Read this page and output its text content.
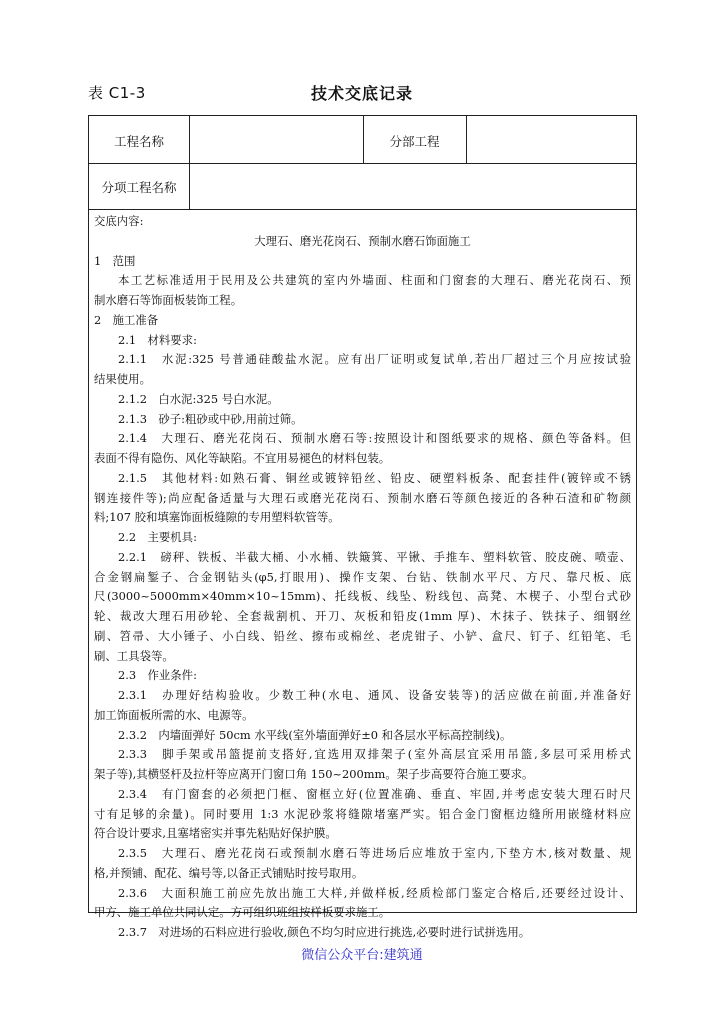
表 C1-3	技术交底记录
工程名称	分部工程
分项工程名称
交底内容:
大理石、磨光花岗石、预制水磨石饰面施工
1　范围
本工艺标准适用于民用及公共建筑的室内外墙面、柱面和门窗套的大理石、磨光花岗石、预
制水磨石等饰面板装饰工程。
2　施工准备
2.1　材料要求:
2.1.1　水泥:325 号普通硅酸盐水泥。应有出厂证明或复试单,若出厂超过三个月应按试验
结果使用。
2.1.2　白水泥:325 号白水泥。
2.1.3　砂子:粗砂或中砂,用前过筛。
2.1.4　大理石、磨光花岗石、预制水磨石等:按照设计和图纸要求的规格、颜色等备料。但
表面不得有隐伤、风化等缺陷。不宜用易褪色的材料包装。
2.1.5　其他材料:如熟石膏、铜丝或镀锌铅丝、铅皮、硬塑料板条、配套挂件(镀锌或不锈
钢连接件等);尚应配备适量与大理石或磨光花岗石、预制水磨石等颜色接近的各种石渣和矿物颜
料;107 胶和填塞饰面板缝隙的专用塑料软管等。
2.2　主要机具:
2.2.1　磅秤、铁板、半截大桶、小水桶、铁簸箕、平锹、手推车、塑料软管、胶皮碗、喷壶、
合金钢扁錾子、合金钢钻头(φ5,打眼用)、操作支架、台钻、铁制水平尺、方尺、靠尺板、底
尺(3000~5000mm×40mm×10~15mm)、托线板、线坠、粉线包、高凳、木楔子、小型台式砂
轮、裁改大理石用砂轮、全套裁割机、开刀、灰板和铅皮(1mm 厚)、木抹子、铁抹子、细钢丝
刷、笤帚、大小锤子、小白线、铅丝、擦布或棉丝、老虎钳子、小铲、盒尺、钉子、红铅笔、毛
刷、工具袋等。
2.3　作业条件:
2.3.1　办理好结构验收。少数工种(水电、通风、设备安装等)的活应做在前面,并准备好
加工饰面板所需的水、电源等。
2.3.2　内墙面弹好 50cm 水平线(室外墙面弹好±0 和各层水平标高控制线)。
2.3.3　脚手架或吊篮提前支搭好,宜选用双排架子(室外高层宜采用吊篮,多层可采用桥式
架子等),其横竖杆及拉杆等应离开门窗口角 150~200mm。架子步高要符合施工要求。
2.3.4　有门窗套的必须把门框、窗框立好(位置准确、垂直、牢固,并考虑安装大理石时尺
寸有足够的余量)。同时要用 1:3 水泥砂浆将缝隙堵塞严实。铝合金门窗框边缝所用嵌缝材料应
符合设计要求,且塞堵密实并事先粘贴好保护膜。
2.3.5　大理石、磨光花岗石或预制水磨石等进场后应堆放于室内,下垫方木,核对数量、规
格,并预铺、配花、编号等,以备正式铺贴时按号取用。
2.3.6　大面积施工前应先放出施工大样,并做样板,经质检部门鉴定合格后,还要经过设计、
甲方、施工单位共同认定。方可组织班组按样板要求施工。
2.3.7　对进场的石料应进行验收,颜色不均匀时应进行挑选,必要时进行试拼选用。
微信公众平台:建筑通
